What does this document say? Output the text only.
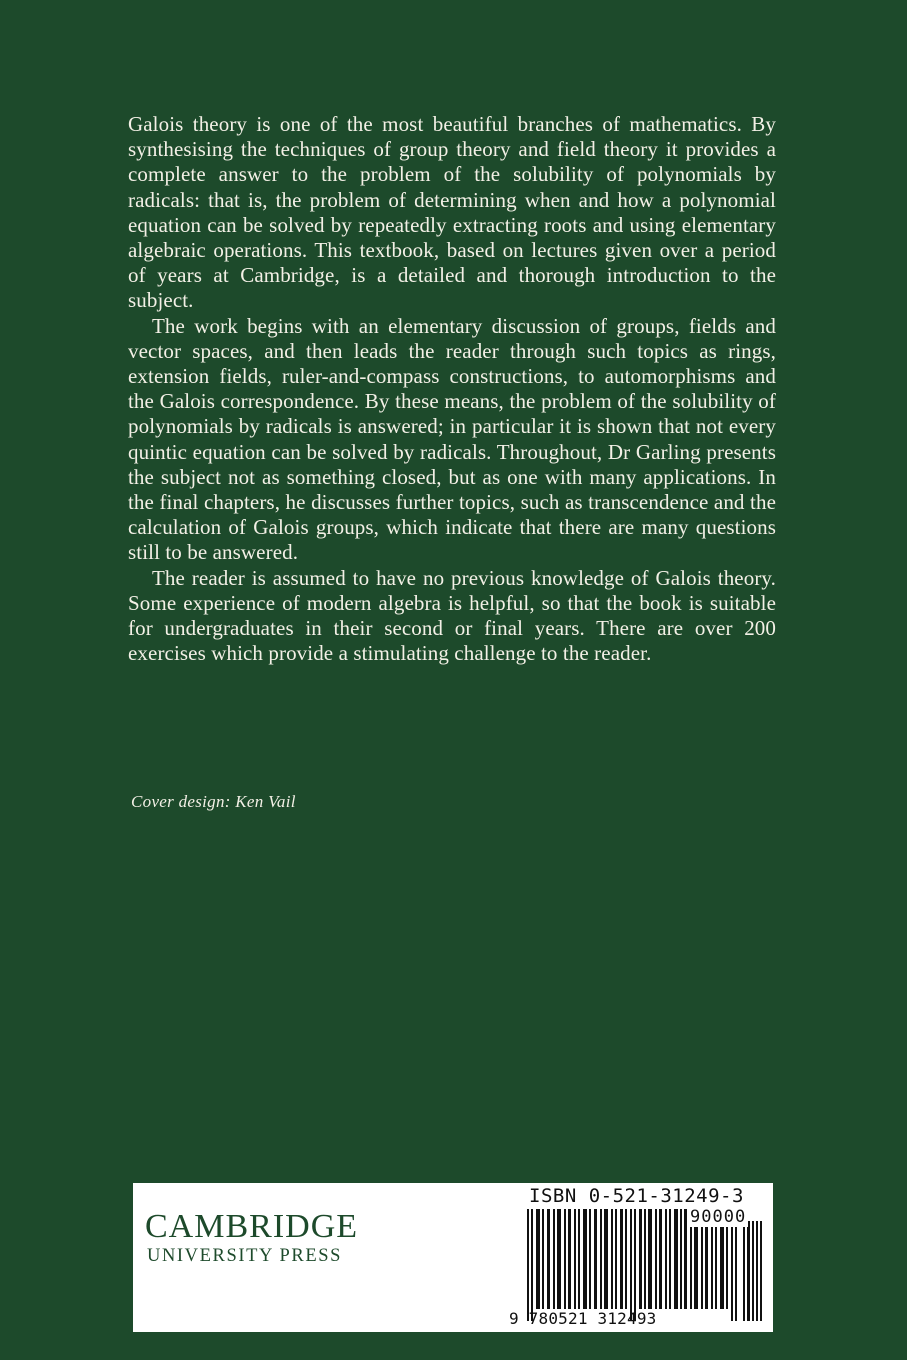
Galois theory is one of the most beautiful branches of mathematics. By synthesising the techniques of group theory and field theory it provides a complete answer to the problem of the solubility of polynomials by radicals: that is, the problem of determining when and how a polynomial equation can be solved by repeatedly extracting roots and using elementary algebraic operations. This textbook, based on lectures given over a period of years at Cambridge, is a detailed and thorough introduction to the subject.

The work begins with an elementary discussion of groups, fields and vector spaces, and then leads the reader through such topics as rings, extension fields, ruler-and-compass constructions, to automorphisms and the Galois correspondence. By these means, the problem of the solubility of polynomials by radicals is answered; in particular it is shown that not every quintic equation can be solved by radicals. Throughout, Dr Garling presents the subject not as something closed, but as one with many applications. In the final chapters, he discusses further topics, such as transcendence and the calculation of Galois groups, which indicate that there are many questions still to be answered.

The reader is assumed to have no previous knowledge of Galois theory. Some experience of modern algebra is helpful, so that the book is suitable for undergraduates in their second or final years. There are over 200 exercises which provide a stimulating challenge to the reader.

Cover design: Ken Vail
CAMBRIDGE
UNIVERSITY PRESS
ISBN 0-521-31249-3
90000
9 780521 312493
